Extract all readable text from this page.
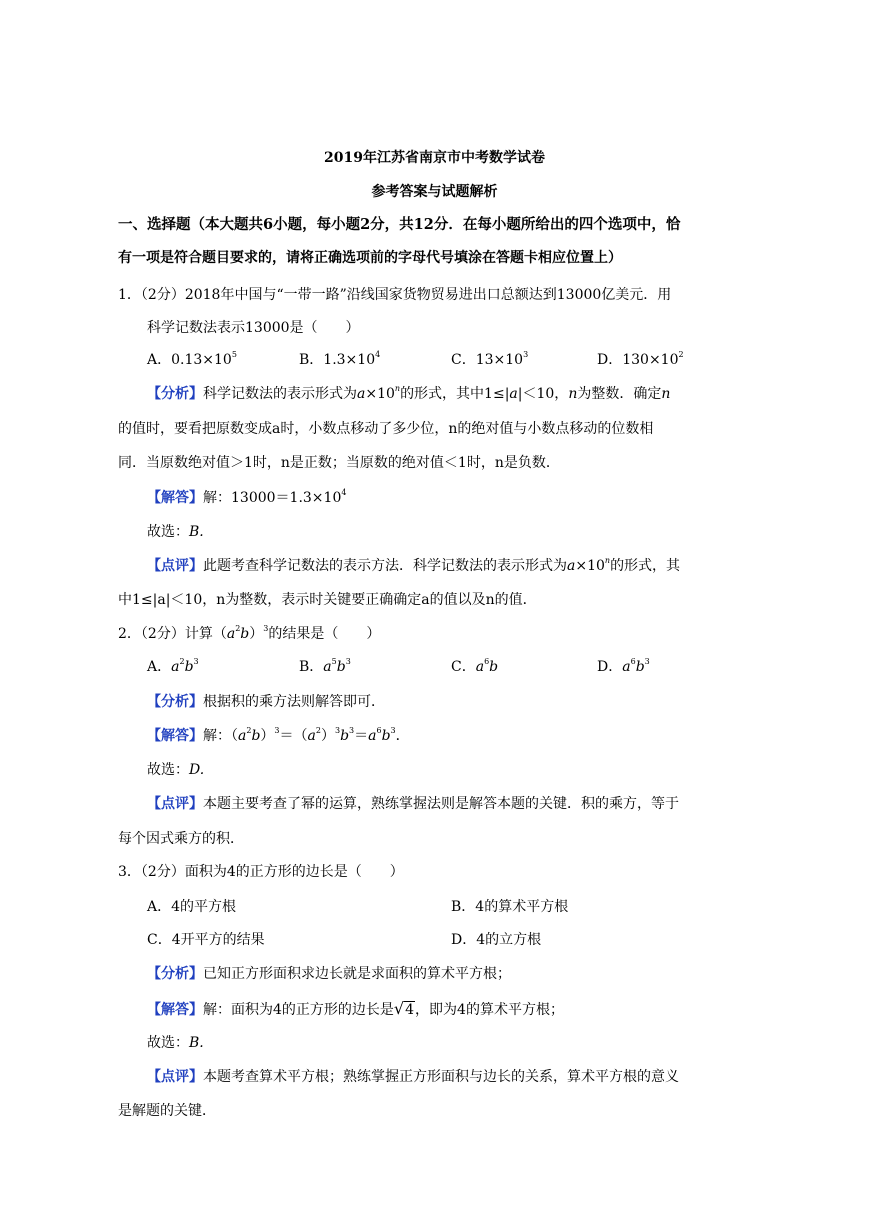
2019年江苏省南京市中考数学试卷
参考答案与试题解析
一、选择题（本大题共6小题，每小题2分，共12分．在每小题所给出的四个选项中，恰
有一项是符合题目要求的，请将正确选项前的字母代号填涂在答题卡相应位置上）
1．（2分）2018年中国与“一带一路”沿线国家货物贸易进出口总额达到13000亿美元．用
科学记数法表示13000是（　　）
A．$0.13\times 10^5$	B．$1.3\times 10^4$	C．$13\times 10^3$	D．$130\times 10^2$
【分析】科学记数法的表示形式为$a\times 10^n$的形式，其中1≤|a|＜10，n为整数．确定n
的值时，要看把原数变成a时，小数点移动了多少位，n的绝对值与小数点移动的位数相
同．当原数绝对值＞1时，n是正数；当原数的绝对值＜1时，n是负数．
【解答】解：$13000=1.3\times 10^4$
故选：B.
【点评】此题考查科学记数法的表示方法．科学记数法的表示形式为$a\times 10^n$的形式，其
中1≤|a|＜10，n为整数，表示时关键要正确确定a的值以及n的值．
2．（2分）计算$(a^2b)^3$的结果是（　　）
A．$a^2b^3$	B．$a^5b^3$	C．$a^6b$	D．$a^6b^3$
【分析】根据积的乘方法则解答即可．
【解答】解：$(a^2b)^3=(a^2)^3b^3=a^6b^3$．
故选：D.
【点评】本题主要考查了幂的运算，熟练掌握法则是解答本题的关键．积的乘方，等于
每个因式乘方的积．
3．（2分）面积为4的正方形的边长是（　　）
A．4的平方根	B．4的算术平方根
C．4开平方的结果	D．4的立方根
【分析】已知正方形面积求边长就是求面积的算术平方根；
【解答】解：面积为4的正方形的边长是√4，即为4的算术平方根；
故选：B.
【点评】本题考查算术平方根；熟练掌握正方形面积与边长的关系，算术平方根的意义
是解题的关键．
